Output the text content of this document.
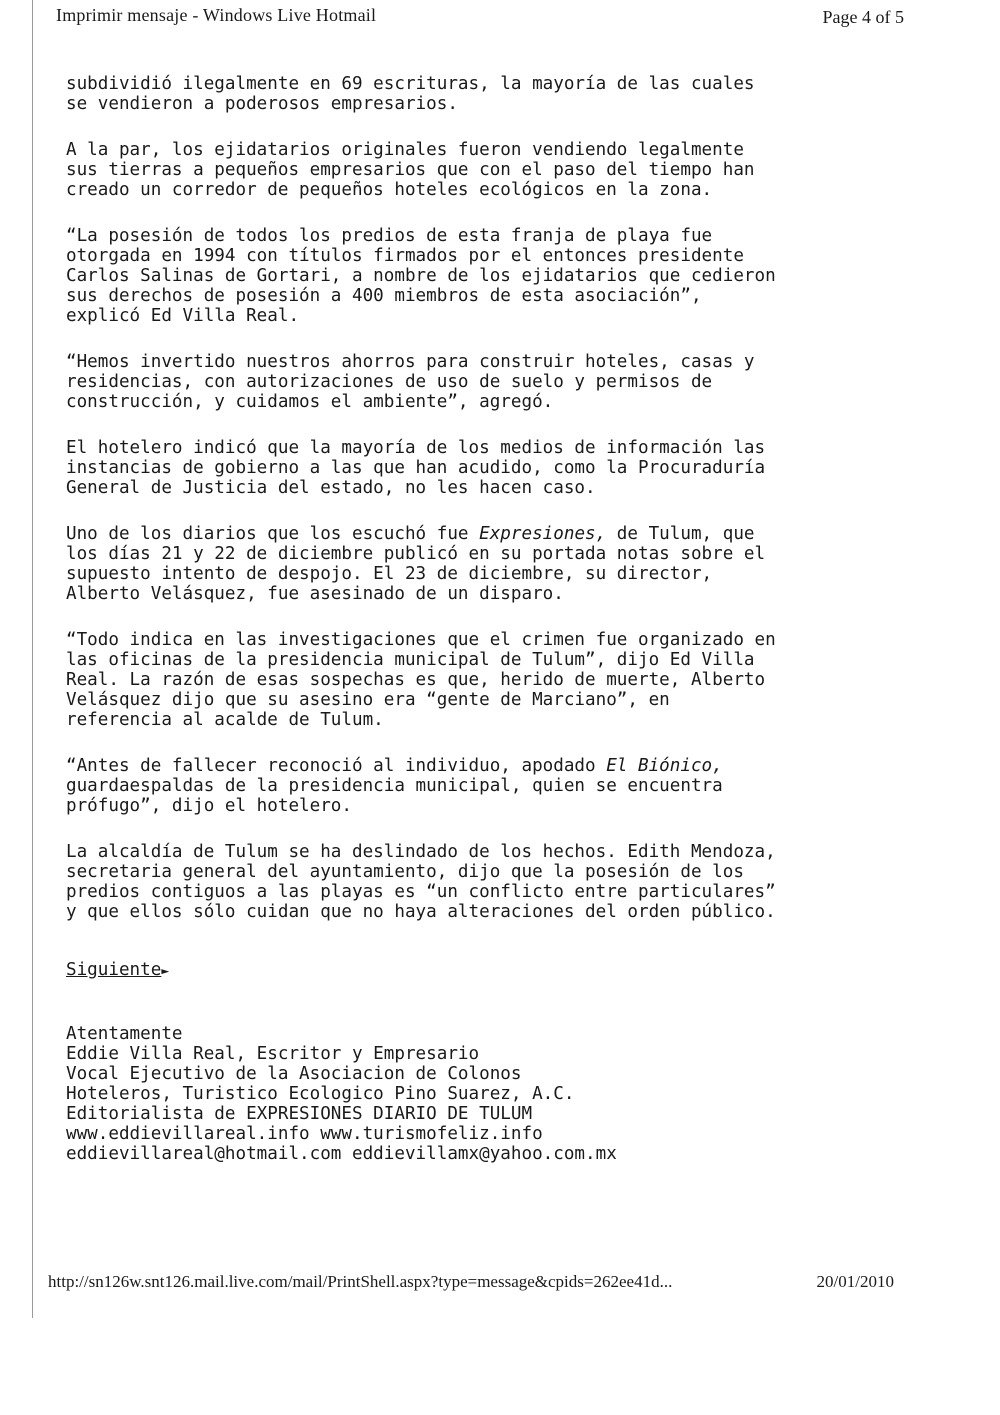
Imprimir mensaje - Windows Live Hotmail	Page 4 of 5

subdividió ilegalmente en 69 escrituras, la mayoría de las cuales
se vendieron a poderosos empresarios.

A la par, los ejidatarios originales fueron vendiendo legalmente
sus tierras a pequeños empresarios que con el paso del tiempo han
creado un corredor de pequeños hoteles ecológicos en la zona.

“La posesión de todos los predios de esta franja de playa fue
otorgada en 1994 con títulos firmados por el entonces presidente
Carlos Salinas de Gortari, a nombre de los ejidatarios que cedieron
sus derechos de posesión a 400 miembros de esta asociación”,
explicó Ed Villa Real.

“Hemos invertido nuestros ahorros para construir hoteles, casas y
residencias, con autorizaciones de uso de suelo y permisos de
construcción, y cuidamos el ambiente”, agregó.

El hotelero indicó que la mayoría de los medios de información las
instancias de gobierno a las que han acudido, como la Procuraduría
General de Justicia del estado, no les hacen caso.

Uno de los diarios que los escuchó fue Expresiones, de Tulum, que
los días 21 y 22 de diciembre publicó en su portada notas sobre el
supuesto intento de despojo. El 23 de diciembre, su director,
Alberto Velásquez, fue asesinado de un disparo.

“Todo indica en las investigaciones que el crimen fue organizado en
las oficinas de la presidencia municipal de Tulum”, dijo Ed Villa
Real. La razón de esas sospechas es que, herido de muerte, Alberto
Velásquez dijo que su asesino era “gente de Marciano”, en
referencia al acalde de Tulum.

“Antes de fallecer reconoció al individuo, apodado El Biónico,
guardaespaldas de la presidencia municipal, quien se encuentra
prófugo”, dijo el hotelero.

La alcaldía de Tulum se ha deslindado de los hechos. Edith Mendoza,
secretaria general del ayuntamiento, dijo que la posesión de los
predios contiguos a las playas es “un conflicto entre particulares”
y que ellos sólo cuidan que no haya alteraciones del orden público.

Siguiente►
Atentamente
Eddie Villa Real, Escritor y Empresario
Vocal Ejecutivo de la Asociacion de Colonos
Hoteleros, Turistico Ecologico Pino Suarez, A.C.
Editorialista de EXPRESIONES DIARIO DE TULUM
www.eddievillareal.info www.turismofeliz.info
eddievillareal@hotmail.com eddievillamx@yahoo.com.mx
http://sn126w.snt126.mail.live.com/mail/PrintShell.aspx?type=message&cpids=262ee41d...	20/01/2010
